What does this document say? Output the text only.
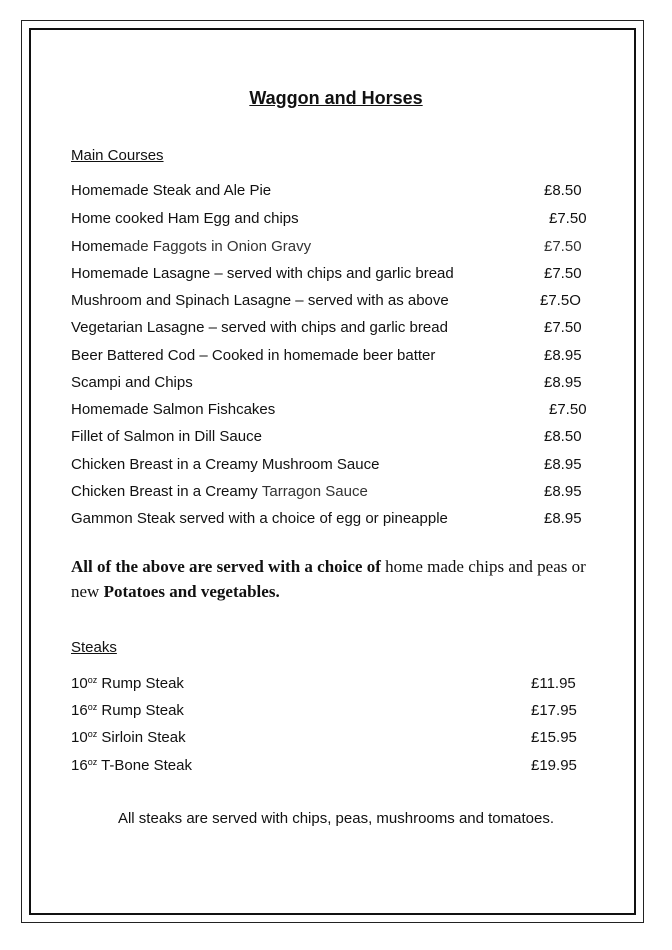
Waggon and Horses
Main Courses
Homemade Steak and Ale Pie	£8.50
Home cooked Ham Egg and chips	£7.50
Homemade Faggots in Onion Gravy	£7.50
Homemade Lasagne – served with chips and garlic bread	£7.50
Mushroom and Spinach Lasagne – served with as above	£7.5O
Vegetarian Lasagne – served with chips and garlic bread	£7.50
Beer Battered Cod – Cooked in homemade beer batter	£8.95
Scampi and Chips	£8.95
Homemade Salmon Fishcakes	£7.50
Fillet of Salmon in Dill Sauce	£8.50
Chicken Breast in a Creamy Mushroom Sauce	£8.95
Chicken Breast in a Creamy Tarragon Sauce	£8.95
Gammon Steak served with a choice of egg or pineapple	£8.95
All of the above are served with a choice of home made chips and peas or new Potatoes and vegetables.
Steaks
$10^{oz}$ Rump Steak	£11.95
$16^{oz}$ Rump Steak	£17.95
$10^{oz}$ Sirloin Steak	£15.95
$16^{oz}$ T-Bone Steak	£19.95
All steaks are served with chips, peas, mushrooms and tomatoes.
